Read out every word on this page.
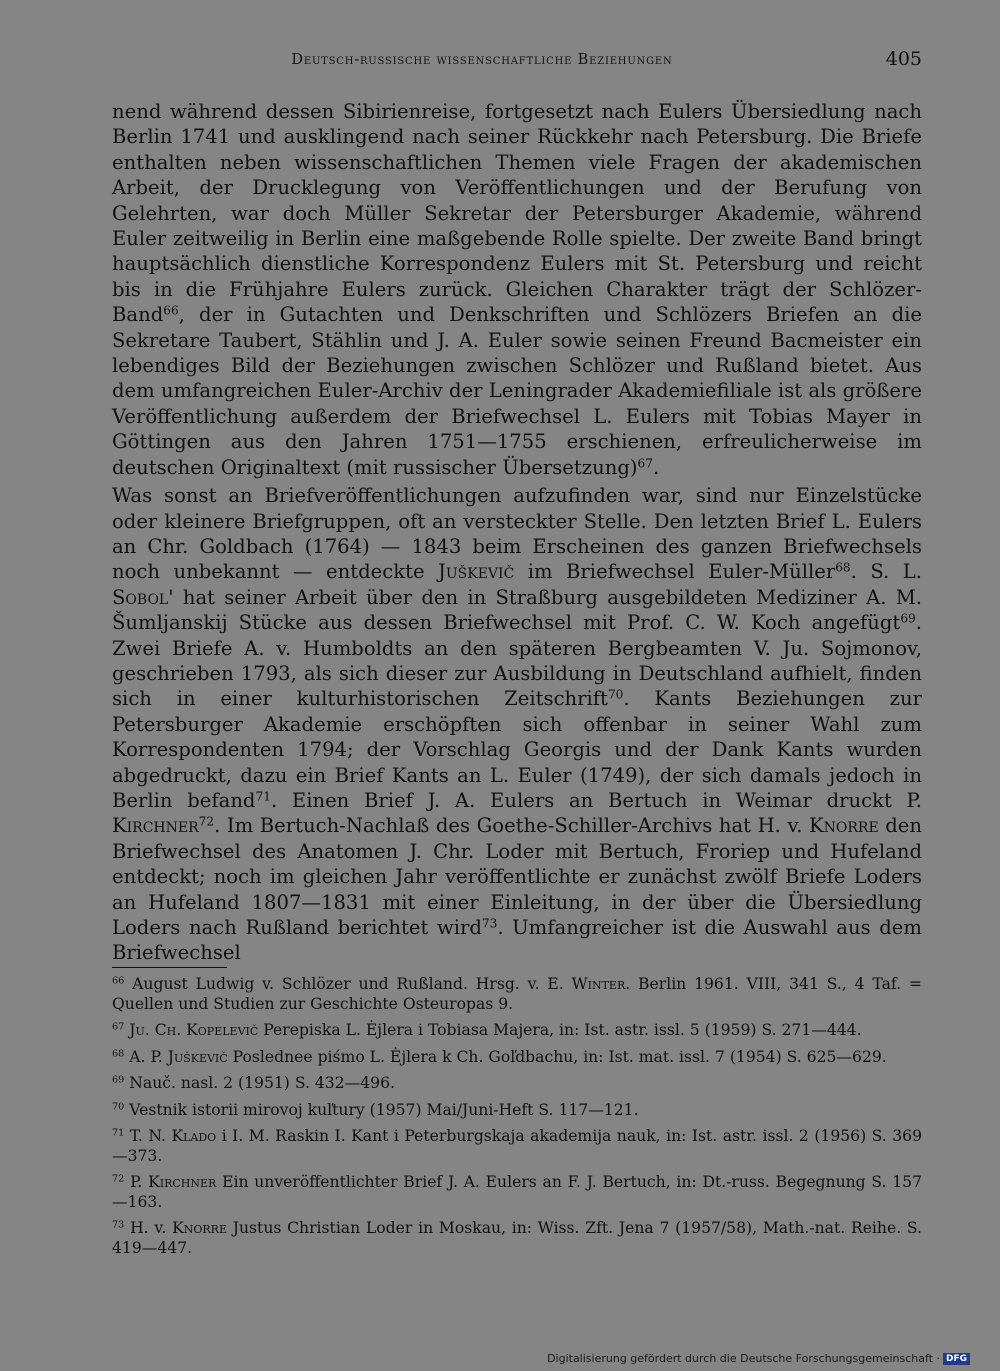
Deutsch-russische wissenschaftliche Beziehungen	405

nend während dessen Sibirienreise, fortgesetzt nach Eulers Übersiedlung nach Berlin 1741 und ausklingend nach seiner Rückkehr nach Petersburg. Die Briefe enthalten neben wissenschaftlichen Themen viele Fragen der akademischen Arbeit, der Drucklegung von Veröffentlichungen und der Berufung von Gelehrten, war doch Müller Sekretar der Petersburger Akademie, während Euler zeitweilig in Berlin eine maßgebende Rolle spielte. Der zweite Band bringt hauptsächlich dienstliche Korrespondenz Eulers mit St. Petersburg und reicht bis in die Frühjahre Eulers zurück. Gleichen Charakter trägt der Schlözer-Band$^{66}$, der in Gutachten und Denkschriften und Schlözers Briefen an die Sekretare Taubert, Stählin und J. A. Euler sowie seinen Freund Bacmeister ein lebendiges Bild der Beziehungen zwischen Schlözer und Rußland bietet. Aus dem umfangreichen Euler-Archiv der Leningrader Akademiefiliale ist als größere Veröffentlichung außerdem der Briefwechsel L. Eulers mit Tobias Mayer in Göttingen aus den Jahren 1751—1755 erschienen, erfreulicherweise im deutschen Originaltext (mit russischer Übersetzung)$^{67}$.

Was sonst an Briefveröffentlichungen aufzufinden war, sind nur Einzelstücke oder kleinere Briefgruppen, oft an versteckter Stelle. Den letzten Brief L. Eulers an Chr. Goldbach (1764) — 1843 beim Erscheinen des ganzen Briefwechsels noch unbekannt — entdeckte Juškevič im Briefwechsel Euler-Müller$^{68}$. S. L. Sobol' hat seiner Arbeit über den in Straßburg ausgebildeten Mediziner A. M. Šumljanskij Stücke aus dessen Briefwechsel mit Prof. C. W. Koch angefügt$^{69}$. Zwei Briefe A. v. Humboldts an den späteren Bergbeamten V. Ju. Sojmonov, geschrieben 1793, als sich dieser zur Ausbildung in Deutschland aufhielt, finden sich in einer kulturhistorischen Zeitschrift$^{70}$. Kants Beziehungen zur Petersburger Akademie erschöpften sich offenbar in seiner Wahl zum Korrespondenten 1794; der Vorschlag Georgis und der Dank Kants wurden abgedruckt, dazu ein Brief Kants an L. Euler (1749), der sich damals jedoch in Berlin befand$^{71}$. Einen Brief J. A. Eulers an Bertuch in Weimar druckt P. Kirchner$^{72}$. Im Bertuch-Nachlaß des Goethe-Schiller-Archivs hat H. v. Knorre den Briefwechsel des Anatomen J. Chr. Loder mit Bertuch, Froriep und Hufeland entdeckt; noch im gleichen Jahr veröffentlichte er zunächst zwölf Briefe Loders an Hufeland 1807—1831 mit einer Einleitung, in der über die Übersiedlung Loders nach Rußland berichtet wird$^{73}$. Umfangreicher ist die Auswahl aus dem Briefwechsel

$^{66}$ August Ludwig v. Schlözer und Rußland. Hrsg. v. E. Winter. Berlin 1961. VIII, 341 S., 4 Taf. = Quellen und Studien zur Geschichte Osteuropas 9.

$^{67}$ Ju. Ch. Kopelevič Perepiska L. Ėjlera i Tobiasa Majera, in: Ist. astr. issl. 5 (1959) S. 271—444.

$^{68}$ A. P. Juškevič Poslednee piśmo L. Ėjlera k Ch. Goľdbachu, in: Ist. mat. issl. 7 (1954) S. 625—629.

$^{69}$ Nauč. nasl. 2 (1951) S. 432—496.

$^{70}$ Vestnik istorii mirovoj kuľtury (1957) Mai/Juni-Heft S. 117—121.

$^{71}$ T. N. Klado i I. M. Raskin I. Kant i Peterburgskaja akademija nauk, in: Ist. astr. issl. 2 (1956) S. 369—373.

$^{72}$ P. Kirchner Ein unveröffentlichter Brief J. A. Eulers an F. J. Bertuch, in: Dt.-russ. Begegnung S. 157—163.

$^{73}$ H. v. Knorre Justus Christian Loder in Moskau, in: Wiss. Zft. Jena 7 (1957/58), Math.-nat. Reihe. S. 419—447.

Digitalisierung gefördert durch die Deutsche Forschungsgemeinschaft · DFG
